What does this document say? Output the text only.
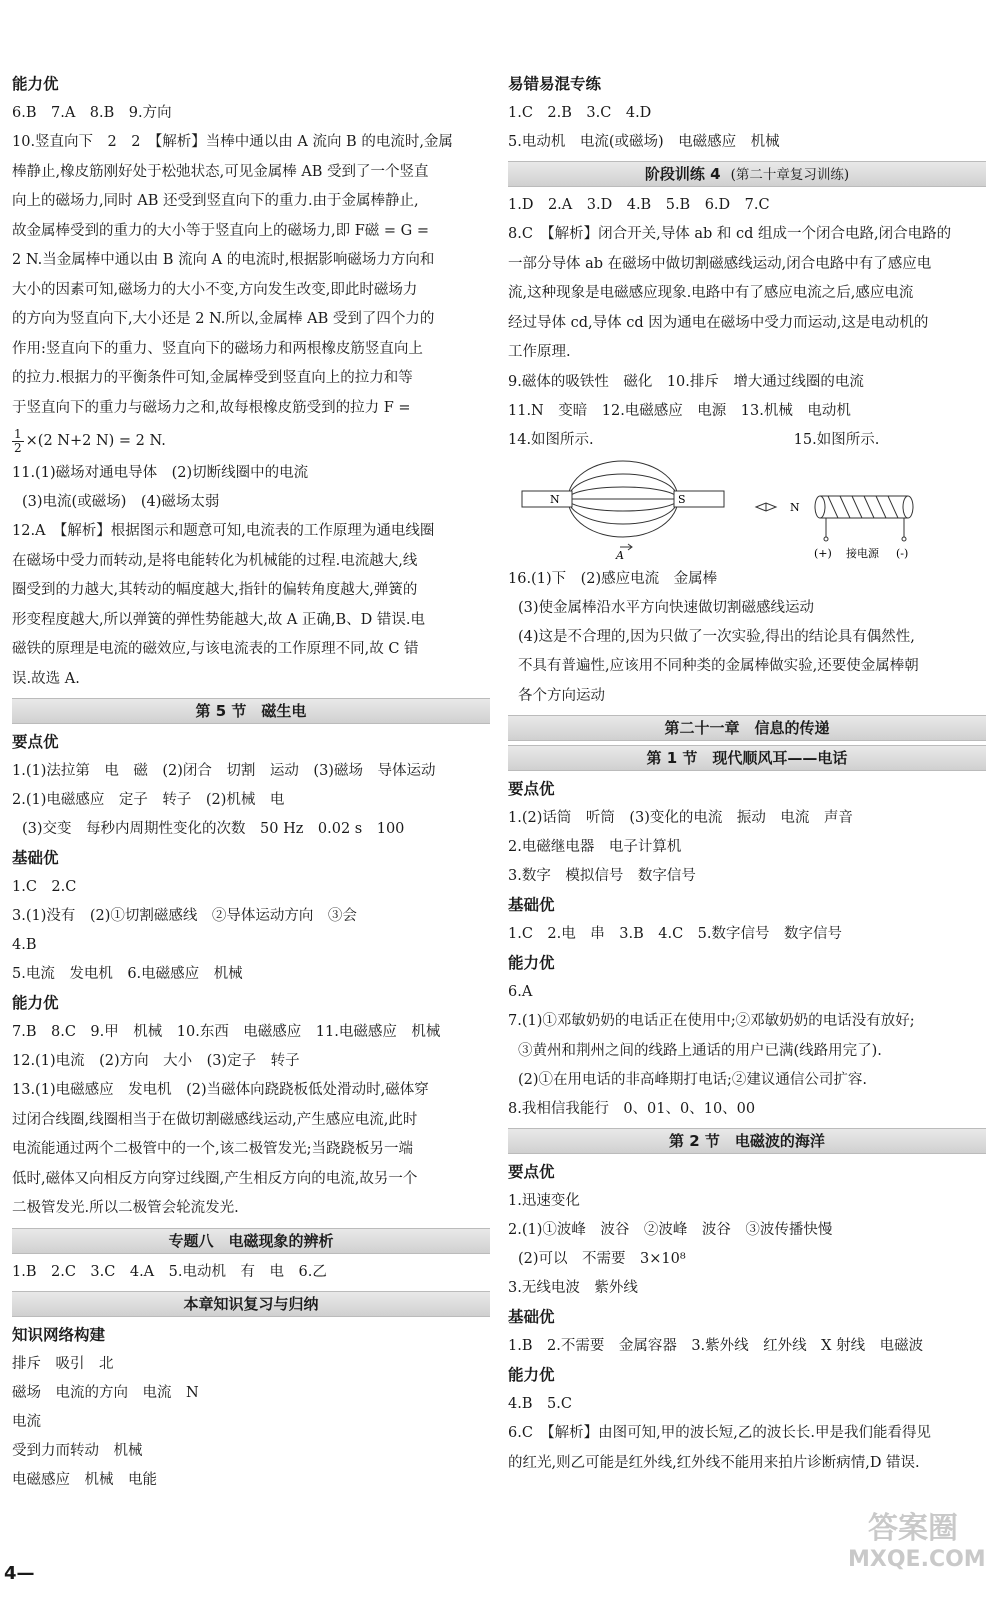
能力优
6.B　7.A　8.B　9.方向
10.竖直向下　2　2　【解析】当棒中通以由 A 流向 B 的电流时,金属
棒静止,橡皮筋刚好处于松弛状态,可见金属棒 AB 受到了一个竖直
向上的磁场力,同时 AB 还受到竖直向下的重力.由于金属棒静止,
故金属棒受到的重力的大小等于竖直向上的磁场力,即 F磁 = G =
2 N.当金属棒中通以由 B 流向 A 的电流时,根据影响磁场力方向和
大小的因素可知,磁场力的大小不变,方向发生改变,即此时磁场力
的方向为竖直向下,大小还是 2 N.所以,金属棒 AB 受到了四个力的
作用:竖直向下的重力、竖直向下的磁场力和两根橡皮筋竖直向上
的拉力.根据力的平衡条件可知,金属棒受到竖直向上的拉力和等
于竖直向下的重力与磁场力之和,故每根橡皮筋受到的拉力 F =
$\frac{1}{2} \times(2$ N+2 N) = 2 N.
11.(1)磁场对通电导体　(2)切断线圈中的电流
(3)电流(或磁场)　(4)磁场太弱
12.A　【解析】根据图示和题意可知,电流表的工作原理为通电线圈
在磁场中受力而转动,是将电能转化为机械能的过程.电流越大,线
圈受到的力越大,其转动的幅度越大,指针的偏转角度越大,弹簧的
形变程度越大,所以弹簧的弹性势能越大,故 A 正确,B、D 错误.电
磁铁的原理是电流的磁效应,与该电流表的工作原理不同,故 C 错
误.故选 A.
第 5 节　磁生电
要点优
1.(1)法拉第　电　磁　(2)闭合　切割　运动　(3)磁场　导体运动
2.(1)电磁感应　定子　转子　(2)机械　电
(3)交变　每秒内周期性变化的次数　50 Hz　0.02 s　100
基础优
1.C　2.C
3.(1)没有　(2)①切割磁感线　②导体运动方向　③会
4.B
5.电流　发电机　6.电磁感应　机械
能力优
7.B　8.C　9.甲　机械　10.东西　电磁感应　11.电磁感应　机械
12.(1)电流　(2)方向　大小　(3)定子　转子
13.(1)电磁感应　发电机　(2)当磁体向跷跷板低处滑动时,磁体穿
过闭合线圈,线圈相当于在做切割磁感线运动,产生感应电流,此时
电流能通过两个二极管中的一个,该二极管发光;当跷跷板另一端
低时,磁体又向相反方向穿过线圈,产生相反方向的电流,故另一个
二极管发光.所以二极管会轮流发光.
专题八　电磁现象的辨析
1.B　2.C　3.C　4.A　5.电动机　有　电　6.乙
本章知识复习与归纳
知识网络构建
排斥　吸引　北
磁场　电流的方向　电流　N
电流
受到力而转动　机械
电磁感应　机械　电能
易错易混专练
1.C　2.B　3.C　4.D
5.电动机　电流(或磁场)　电磁感应　机械
阶段训练 4 (第二十章复习训练)
1.D　2.A　3.D　4.B　5.B　6.D　7.C
8.C　【解析】闭合开关,导体 ab 和 cd 组成一个闭合电路,闭合电路的
一部分导体 ab 在磁场中做切割磁感线运动,闭合电路中有了感应电
流,这种现象是电磁感应现象.电路中有了感应电流之后,感应电流
经过导体 cd,导体 cd 因为通电在磁场中受力而运动,这是电动机的
工作原理.
9.磁体的吸铁性　磁化　10.排斥　增大通过线圈的电流
11.N　变暗　12.电磁感应　电源　13.机械　电动机
14.如图所示.	15.如图所示.
N	S
A
N
(+) 接电源 (-)
16.(1)下　(2)感应电流　金属棒
(3)使金属棒沿水平方向快速做切割磁感线运动
(4)这是不合理的,因为只做了一次实验,得出的结论具有偶然性,
不具有普遍性,应该用不同种类的金属棒做实验,还要使金属棒朝
各个方向运动
第二十一章　信息的传递
第 1 节　现代顺风耳——电话
要点优
1.(2)话筒　听筒　(3)变化的电流　振动　电流　声音
2.电磁继电器　电子计算机
3.数字　模拟信号　数字信号
基础优
1.C　2.电　串　3.B　4.C　5.数字信号　数字信号
能力优
6.A
7.(1)①邓敏奶奶的电话正在使用中;②邓敏奶奶的电话没有放好;
③黄州和荆州之间的线路上通话的用户已满(线路用完了).
(2)①在用电话的非高峰期打电话;②建议通信公司扩容.
8.我相信我能行　0、01、0、10、00
第 2 节　电磁波的海洋
要点优
1.迅速变化
2.(1)①波峰　波谷　②波峰　波谷　③波传播快慢
(2)可以　不需要　3×10⁸
3.无线电波　紫外线
基础优
1.B　2.不需要　金属容器　3.紫外线　红外线　X 射线　电磁波
能力优
4.B　5.C
6.C　【解析】由图可知,甲的波长短,乙的波长长.甲是我们能看得见
的红光,则乙可能是红外线,红外线不能用来拍片诊断病情,D 错误.
4—
答案圈
MXQE.COM
